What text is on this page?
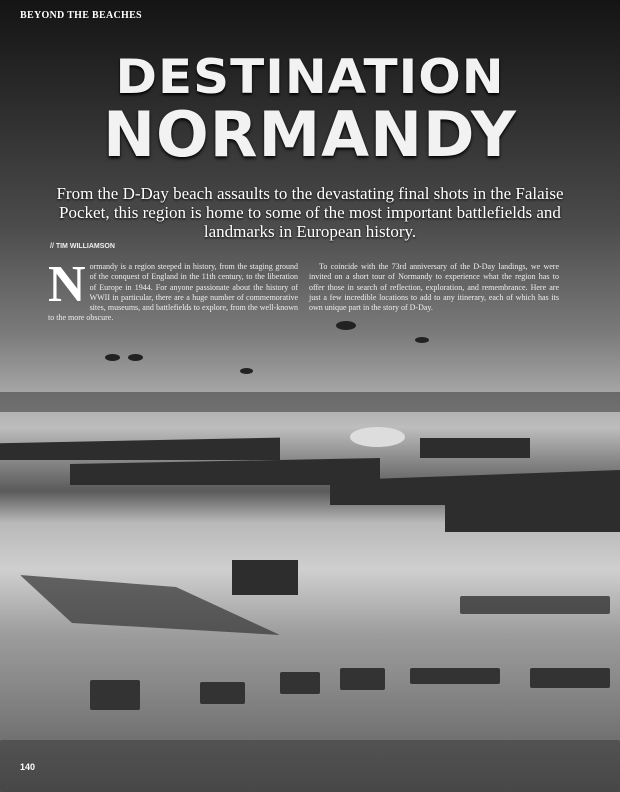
BEYOND THE BEACHES
DESTINATION
NORMANDY
From the D-Day beach assaults to the devastating final shots in the Falaise Pocket, this region is home to some of the most important battlefields and landmarks in European history.
// TIM WILLIAMSON
Normandy is a region steeped in history, from the staging ground of the conquest of England in the 11th century, to the liberation of Europe in 1944. For anyone passionate about the history of WWII in particular, there are a huge number of commemorative sites, museums, and battlefields to explore, from the well-known to the more obscure.
To coincide with the 73rd anniversary of the D-Day landings, we were invited on a short tour of Normandy to experience what the region has to offer those in search of reflection, exploration, and remembrance. Here are just a few incredible locations to add to any itinerary, each of which has its own unique part in the story of D-Day.
140
